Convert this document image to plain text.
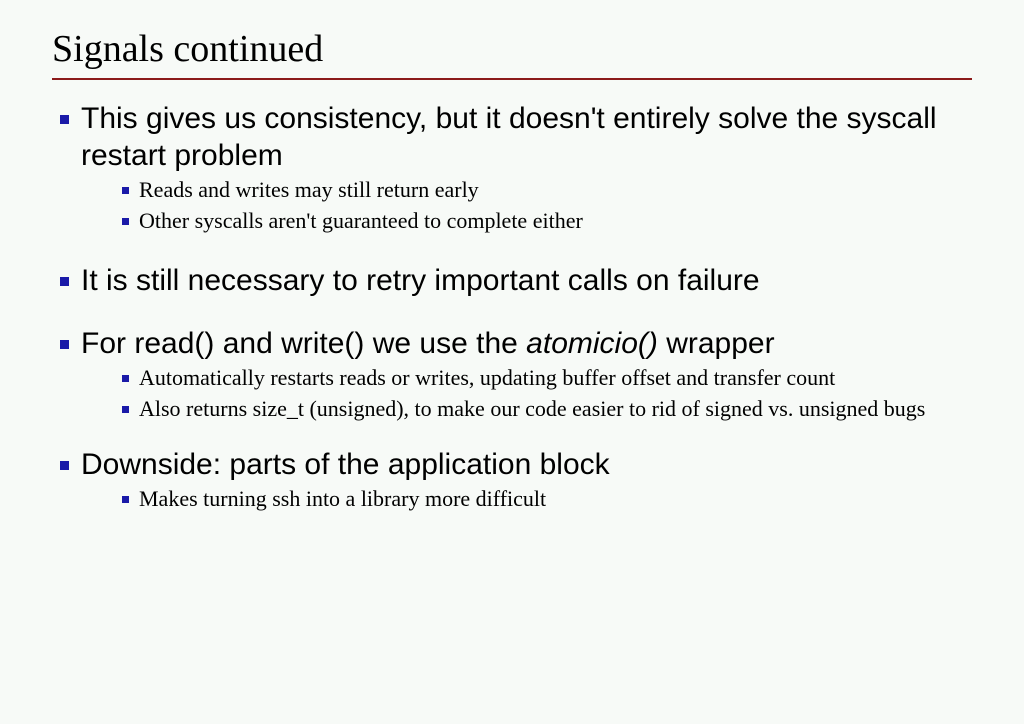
Signals continued
This gives us consistency, but it doesn't entirely solve the syscall restart problem
Reads and writes may still return early
Other syscalls aren't guaranteed to complete either
It is still necessary to retry important calls on failure
For read() and write() we use the atomicio() wrapper
Automatically restarts reads or writes, updating buffer offset and transfer count
Also returns size_t (unsigned), to make our code easier to rid of signed vs. unsigned bugs
Downside: parts of the application block
Makes turning ssh into a library more difficult
